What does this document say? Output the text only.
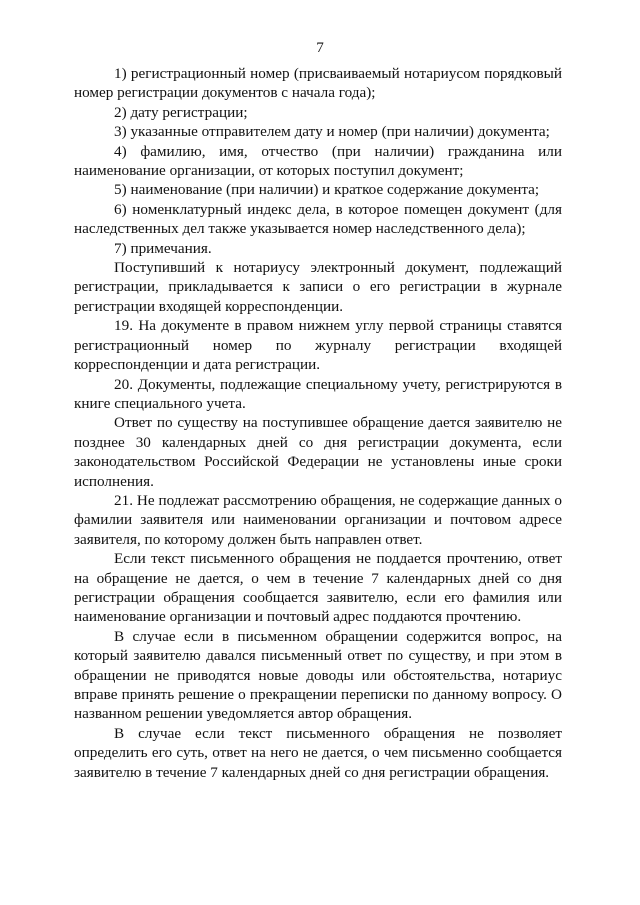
7

1) регистрационный номер (присваиваемый нотариусом порядковый номер регистрации документов с начала года);

2) дату регистрации;

3) указанные отправителем дату и номер (при наличии) документа;

4) фамилию, имя, отчество (при наличии) гражданина или наименование организации, от которых поступил документ;

5) наименование (при наличии) и краткое содержание документа;

6) номенклатурный индекс дела, в которое помещен документ (для наследственных дел также указывается номер наследственного дела);

7) примечания.

Поступивший к нотариусу электронный документ, подлежащий регистрации, прикладывается к записи о его регистрации в журнале регистрации входящей корреспонденции.

19. На документе в правом нижнем углу первой страницы ставятся регистрационный номер по журналу регистрации входящей корреспонденции и дата регистрации.

20. Документы, подлежащие специальному учету, регистрируются в книге специального учета.

Ответ по существу на поступившее обращение дается заявителю не позднее 30 календарных дней со дня регистрации документа, если законодательством Российской Федерации не установлены иные сроки исполнения.

21. Не подлежат рассмотрению обращения, не содержащие данных о фамилии заявителя или наименовании организации и почтовом адресе заявителя, по которому должен быть направлен ответ.

Если текст письменного обращения не поддается прочтению, ответ на обращение не дается, о чем в течение 7 календарных дней со дня регистрации обращения сообщается заявителю, если его фамилия или наименование организации и почтовый адрес поддаются прочтению.

В случае если в письменном обращении содержится вопрос, на который заявителю давался письменный ответ по существу, и при этом в обращении не приводятся новые доводы или обстоятельства, нотариус вправе принять решение о прекращении переписки по данному вопросу. О названном решении уведомляется автор обращения.

В случае если текст письменного обращения не позволяет определить его суть, ответ на него не дается, о чем письменно сообщается заявителю в течение 7 календарных дней со дня регистрации обращения.
